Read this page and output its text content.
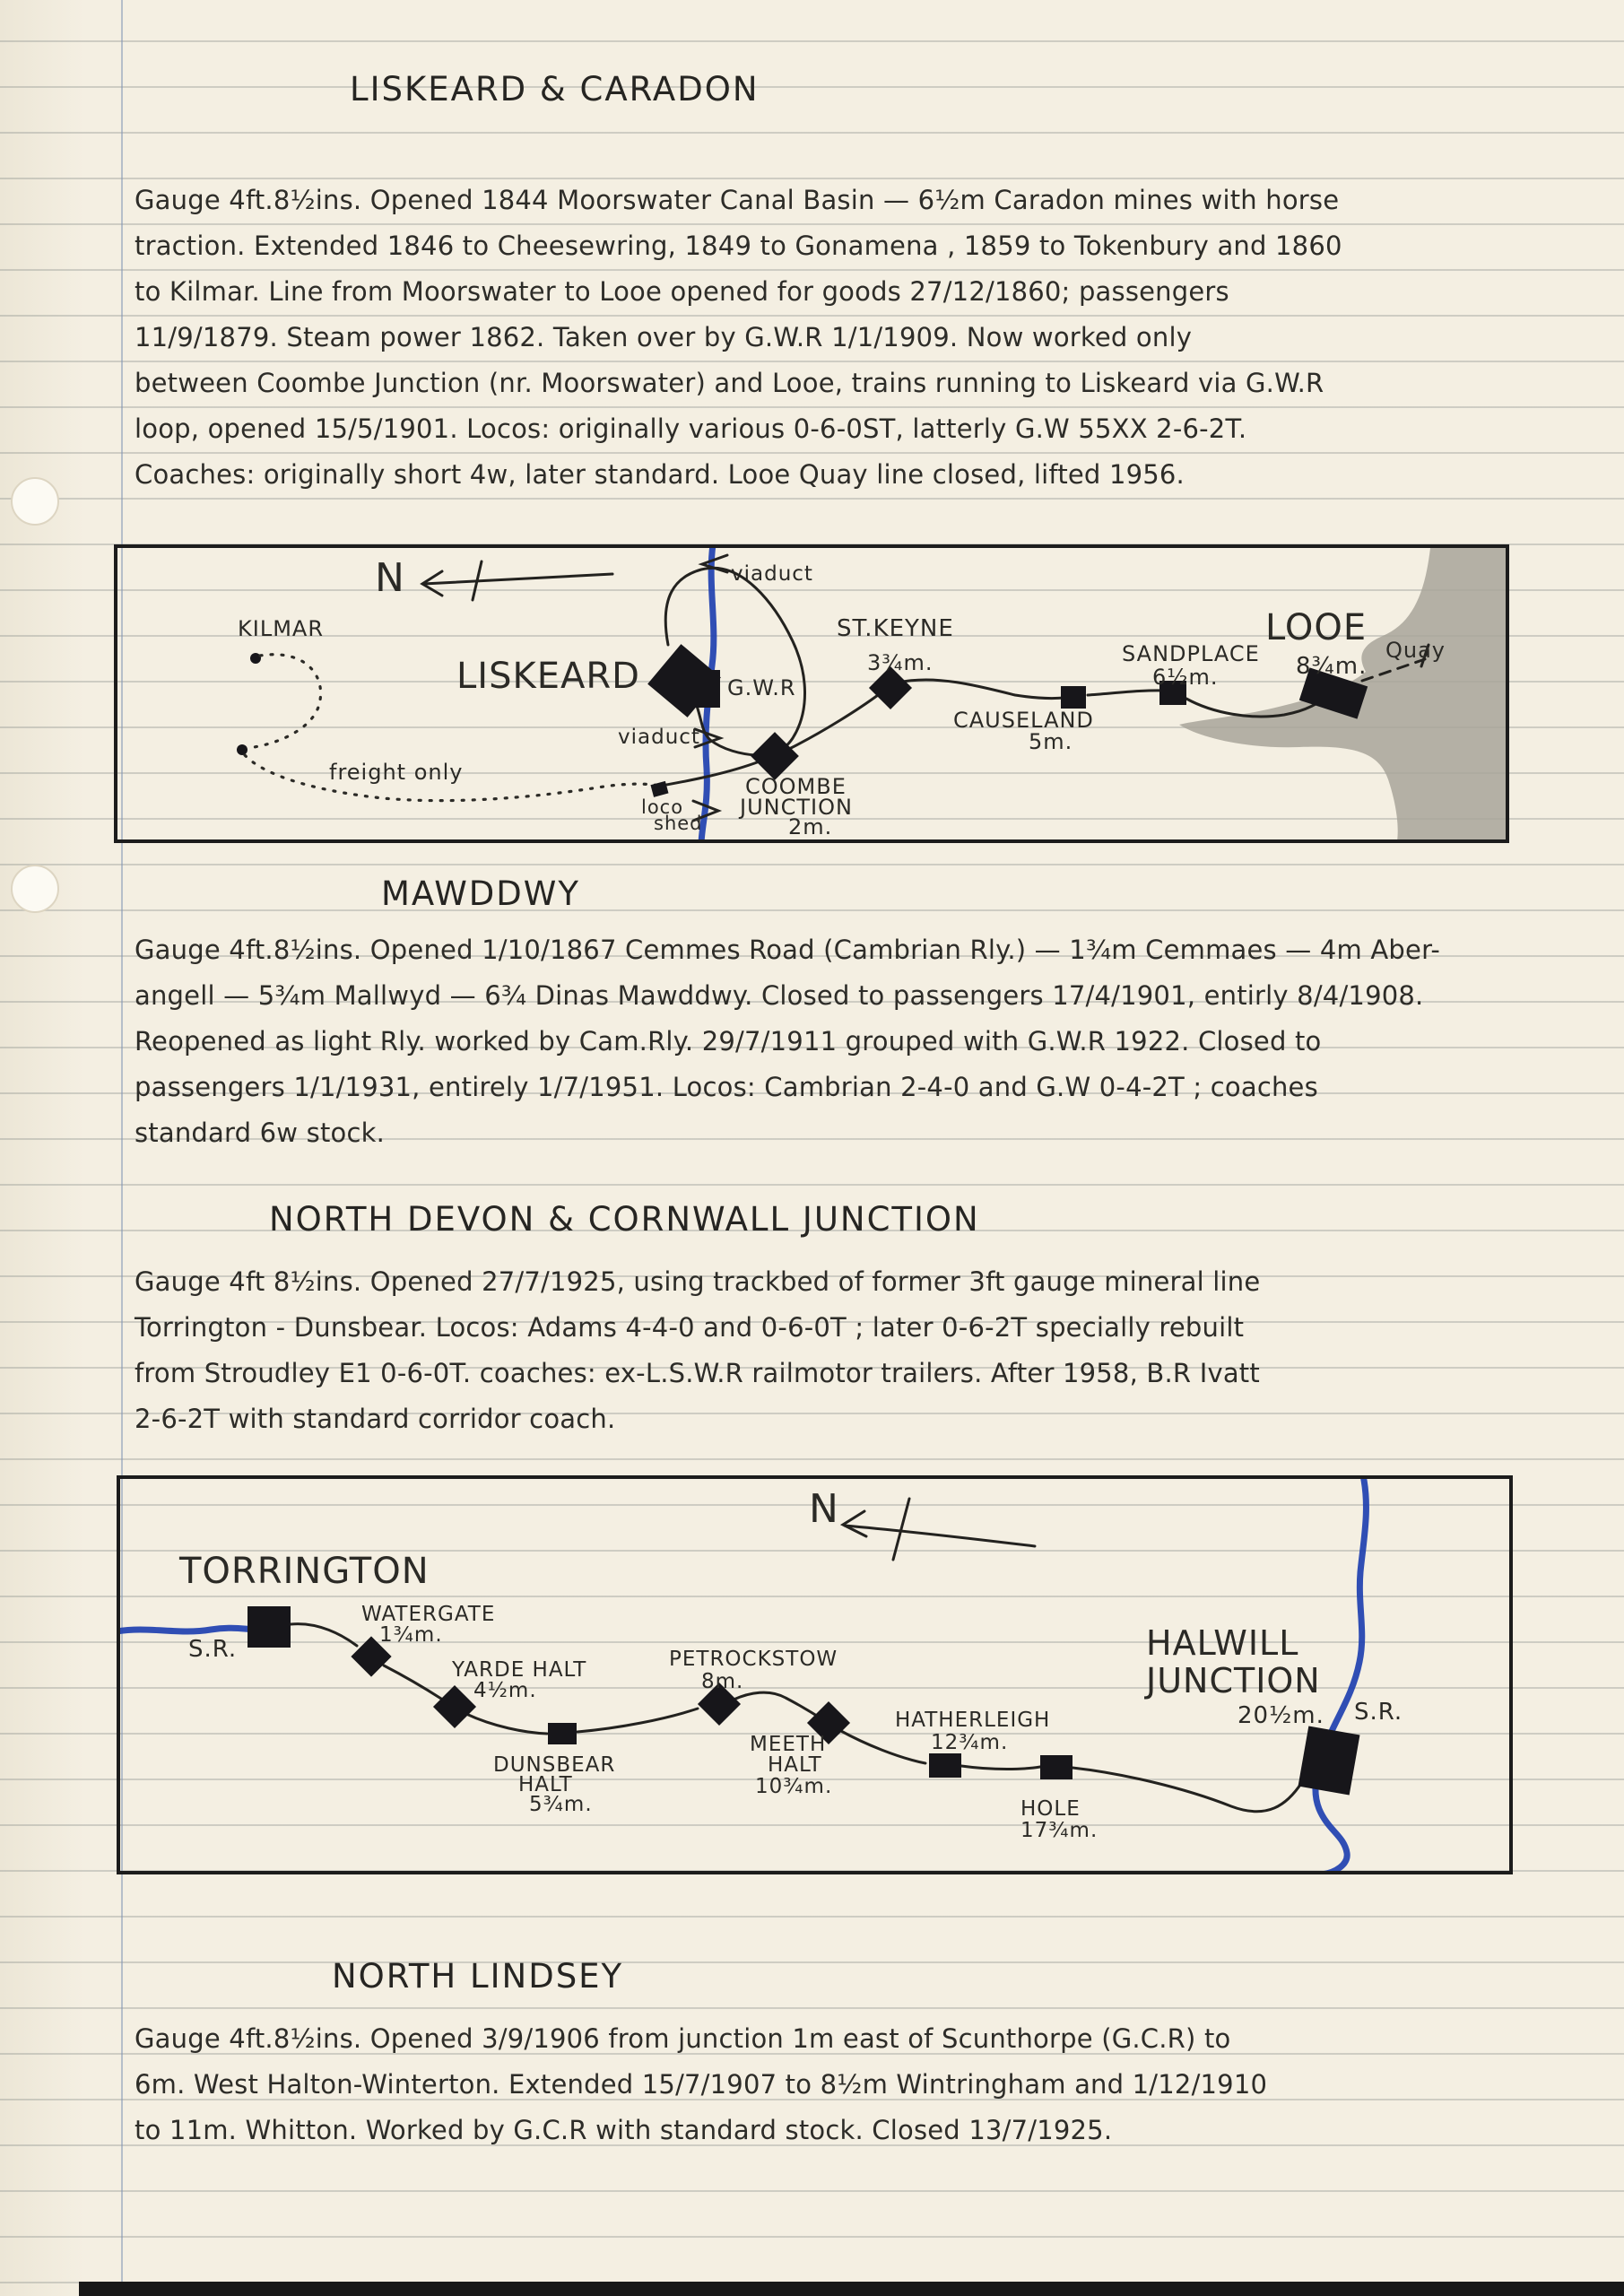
LISKEARD & CARADON
Gauge 4ft.8½ins. Opened 1844 Moorswater Canal Basin — 6½m Caradon mines with horse
traction. Extended 1846 to Cheesewring, 1849 to Gonamena , 1859 to Tokenbury and 1860
to Kilmar. Line from Moorswater to Looe opened for goods 27/12/1860; passengers
11/9/1879. Steam power 1862. Taken over by G.W.R 1/1/1909. Now worked only
between Coombe Junction (nr. Moorswater) and Looe, trains running to Liskeard via G.W.R
loop, opened 15/5/1901. Locos: originally various 0-6-0ST, latterly G.W 55XX 2-6-2T.
Coaches: originally short 4w, later standard. Looe Quay line closed, lifted 1956.
N
KILMAR
freight only
viaduct
viaduct
LISKEARD	G.W.R
loco
shed
COOMBE
JUNCTION
2m.
ST.KEYNE
3¾m.
CAUSELAND
5m.
SANDPLACE
6½m.
LOOE
8¾m.
Quay
MAWDDWY
Gauge 4ft.8½ins. Opened 1/10/1867 Cemmes Road (Cambrian Rly.) — 1¾m Cemmaes — 4m Aber-
angell — 5¾m Mallwyd — 6¾ Dinas Mawddwy. Closed to passengers 17/4/1901, entirly 8/4/1908.
Reopened as light Rly. worked by Cam.Rly. 29/7/1911 grouped with G.W.R 1922. Closed to
passengers 1/1/1931, entirely 1/7/1951. Locos: Cambrian 2-4-0 and G.W 0-4-2T ; coaches
standard 6w stock.
NORTH DEVON & CORNWALL JUNCTION
Gauge 4ft 8½ins. Opened 27/7/1925, using trackbed of former 3ft gauge mineral line
Torrington - Dunsbear. Locos: Adams 4-4-0 and 0-6-0T ; later 0-6-2T specially rebuilt
from Stroudley E1 0-6-0T. coaches: ex-L.S.W.R railmotor trailers. After 1958, B.R Ivatt
2-6-2T with standard corridor coach.
N
TORRINGTON
S.R.
WATERGATE
1¾m.
YARDE HALT
4½m.
DUNSBEAR
HALT
5¾m.
PETROCKSTOW
8m.
MEETH
HALT
10¾m.
HATHERLEIGH
12¾m.
HOLE
17¾m.
HALWILL
JUNCTION
20½m. S.R.
NORTH LINDSEY
Gauge 4ft.8½ins. Opened 3/9/1906 from junction 1m east of Scunthorpe (G.C.R) to
6m. West Halton-Winterton. Extended 15/7/1907 to 8½m Wintringham and 1/12/1910
to 11m. Whitton. Worked by G.C.R with standard stock. Closed 13/7/1925.
